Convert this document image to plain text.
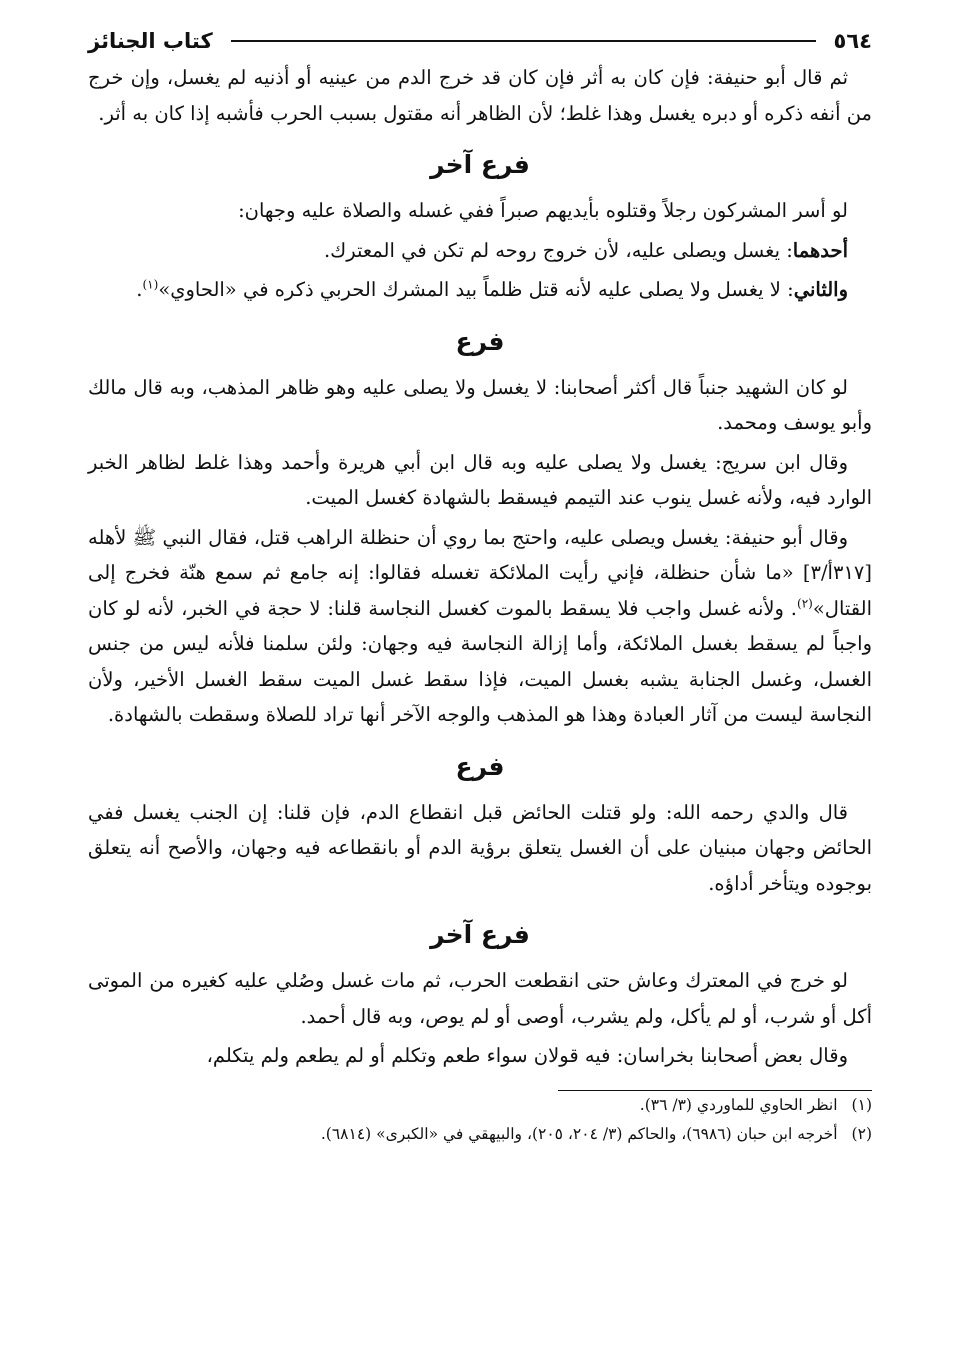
٥٦٤
كتاب الجنائز

ثم قال أبو حنيفة: فإن كان به أثر فإن كان قد خرج الدم من عينيه أو أذنيه لم يغسل، وإن خرج من أنفه ذكره أو دبره يغسل وهذا غلط؛ لأن الظاهر أنه مقتول بسبب الحرب فأشبه إذا كان به أثر.

فرع آخر

لو أسر المشركون رجلاً وقتلوه بأيديهم صبراً ففي غسله والصلاة عليه وجهان:

أحدهما: يغسل ويصلى عليه، لأن خروج روحه لم تكن في المعترك.

والثاني: لا يغسل ولا يصلى عليه لأنه قتل ظلماً بيد المشرك الحربي ذكره في «الحاوي»$^{(١)}$.

فرع

لو كان الشهيد جنباً قال أكثر أصحابنا: لا يغسل ولا يصلى عليه وهو ظاهر المذهب، وبه قال مالك وأبو يوسف ومحمد.

وقال ابن سريج: يغسل ولا يصلى عليه وبه قال ابن أبي هريرة وأحمد وهذا غلط لظاهر الخبر الوارد فيه، ولأنه غسل ينوب عند التيمم فيسقط بالشهادة كغسل الميت.

وقال أبو حنيفة: يغسل ويصلى عليه، واحتج بما روي أن حنظلة الراهب قتل، فقال النبي ﷺ لأهله [٣١٧أ/٣] «ما شأن حنظلة، فإني رأيت الملائكة تغسله فقالوا: إنه جامع ثم سمع هنّة فخرج إلى القتال»$^{(٢)}$. ولأنه غسل واجب فلا يسقط بالموت كغسل النجاسة قلنا: لا حجة في الخبر، لأنه لو كان واجباً لم يسقط بغسل الملائكة، وأما إزالة النجاسة فيه وجهان: ولئن سلمنا فلأنه ليس من جنس الغسل، وغسل الجنابة يشبه بغسل الميت، فإذا سقط غسل الميت سقط الغسل الأخير، ولأن النجاسة ليست من آثار العبادة وهذا هو المذهب والوجه الآخر أنها تراد للصلاة وسقطت بالشهادة.

فرع

قال والدي رحمه الله: ولو قتلت الحائض قبل انقطاع الدم، فإن قلنا: إن الجنب يغسل ففي الحائض وجهان مبنيان على أن الغسل يتعلق برؤية الدم أو بانقطاعه فيه وجهان، والأصح أنه يتعلق بوجوده ويتأخر أداؤه.

فرع آخر

لو خرج في المعترك وعاش حتى انقطعت الحرب، ثم مات غسل وصُلي عليه كغيره من الموتى أكل أو شرب، أو لم يأكل، ولم يشرب، أوصى أو لم يوص، وبه قال أحمد.

وقال بعض أصحابنا بخراسان: فيه قولان سواء طعم وتكلم أو لم يطعم ولم يتكلم،

(١)انظر الحاوي للماوردي (٣/ ٣٦).

(٢)أخرجه ابن حبان (٦٩٨٦)، والحاكم (٣/ ٢٠٤، ٢٠٥)، والبيهقي في «الكبرى» (٦٨١٤).
